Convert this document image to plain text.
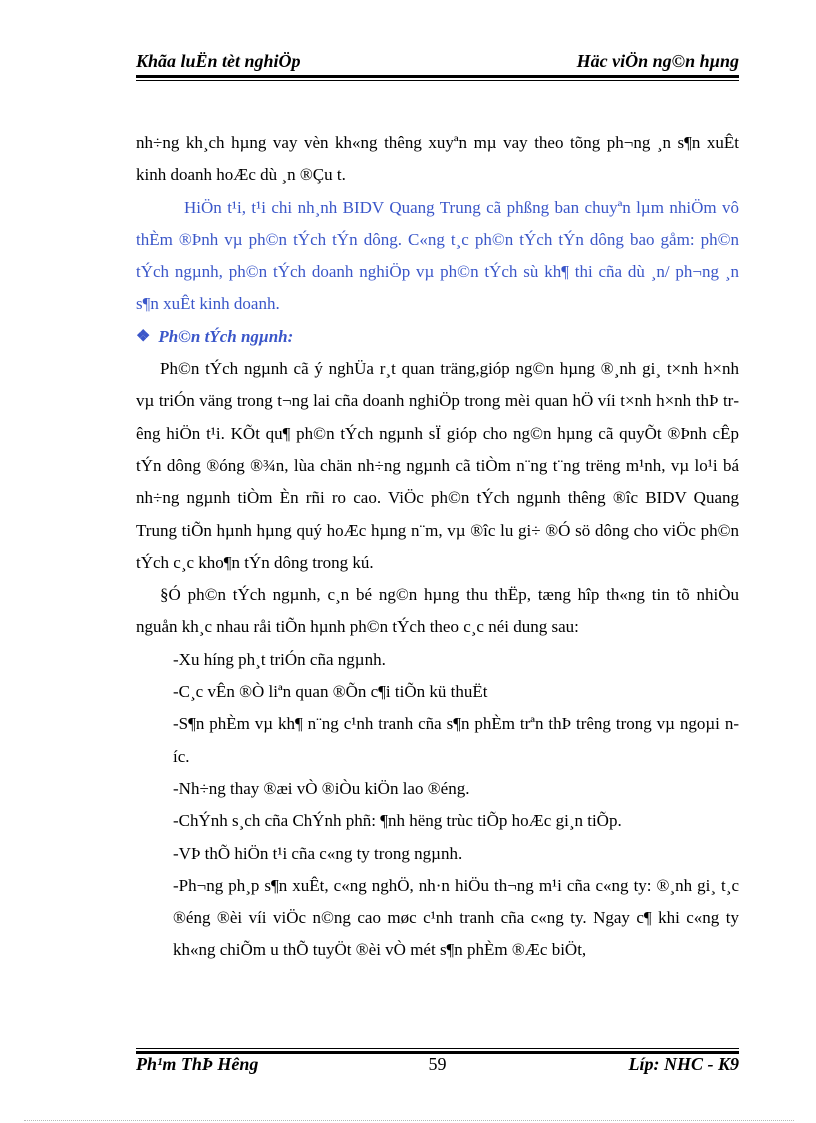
Khãa luËn tèt nghiÖp	Häc viÖn ng©n hµng

nh÷ng kh¸ch hµng vay vèn kh«ng thêng xuyªn mµ vay theo tõng ph¬ng ¸n s¶n xuÊt kinh doanh hoÆc dù ¸n ®Çu t.

HiÖn t¹i, t¹i chi nh¸nh BIDV Quang Trung cã phßng ban chuyªn lµm nhiÖm vô thÈm ®Þnh vµ ph©n tÝch tÝn dông. C«ng t¸c ph©n tÝch tÝn dông bao gåm: ph©n tÝch ngµnh, ph©n tÝch doanh nghiÖp vµ ph©n tÝch sù kh¶ thi cña dù ¸n/ ph¬ng ¸n s¶n xuÊt kinh doanh.

❖ Ph©n tÝch ngµnh:

Ph©n tÝch ngµnh cã ý nghÜa r¸t quan träng,gióp ng©n hµng ®¸nh gi¸ t×nh h×nh vµ triÓn väng trong t¬ng lai cña doanh nghiÖp trong mèi quan hÖ víi t×nh h×nh thÞ trêng hiÖn t¹i. KÕt qu¶ ph©n tÝch ngµnh sÏ gióp cho ng©n hµng cã quyÕt ®Þnh cÊp tÝn dông ®óng ®¾n, lùa chän nh÷ng ngµnh cã tiÒm n¨ng t¨ng trëng m¹nh, vµ lo¹i bá nh÷ng ngµnh tiÒm Èn rñi ro cao. ViÖc ph©n tÝch ngµnh thêng ®îc BIDV Quang Trung tiÕn hµnh hµng quý hoÆc hµng n¨m, vµ ®îc lu gi÷ ®Ó sö dông cho viÖc ph©n tÝch c¸c kho¶n tÝn dông trong kú.

§Ó ph©n tÝch ngµnh, c¸n bé ng©n hµng thu thËp, tæng hîp th«ng tin tõ nhiÒu nguån kh¸c nhau råi tiÕn hµnh ph©n tÝch theo c¸c néi dung sau:

-Xu híng ph¸t triÓn cña ngµnh.

-C¸c vÊn ®Ò liªn quan ®Õn c¶i tiÕn kü thuËt

-S¶n phÈm vµ kh¶ n¨ng c¹nh tranh cña s¶n phÈm trªn thÞ trêng trong vµ ngoµi níc.

-Nh÷ng thay ®æi vÒ ®iÒu kiÖn lao ®éng.

-ChÝnh s¸ch cña ChÝnh phñ: ¶nh hëng trùc tiÕp hoÆc gi¸n tiÕp.

-VÞ thÕ hiÖn t¹i cña c«ng ty trong ngµnh.

-Ph¬ng ph¸p s¶n xuÊt, c«ng nghÖ, nh·n hiÖu th¬ng m¹i cña c«ng ty: ®¸nh gi¸ t¸c ®éng ®èi víi viÖc n©ng cao møc c¹nh tranh cña c«ng ty. Ngay c¶ khi c«ng ty kh«ng chiÕm u thÕ tuyÖt ®èi vÒ mét s¶n phÈm ®Æc biÖt,

Ph¹m ThÞ Hêng	59	Líp: NHC - K9
